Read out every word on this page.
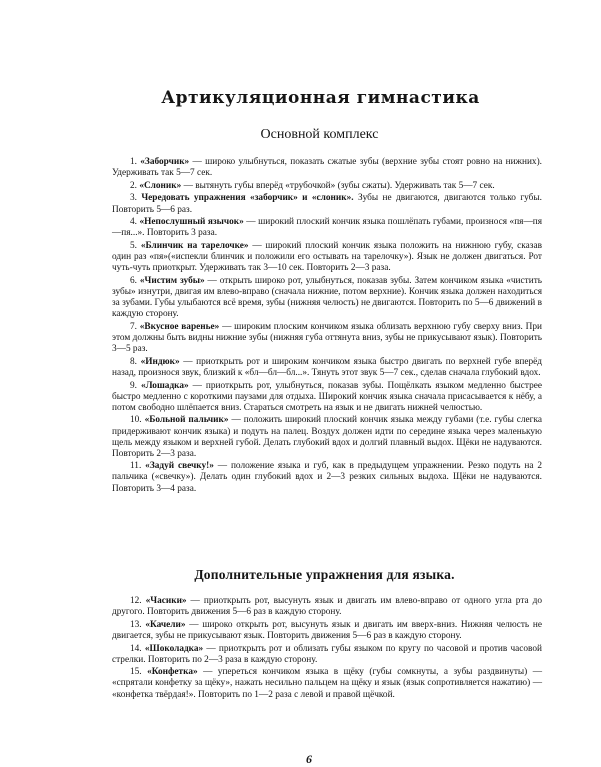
Артикуляционная гимнастика
Основной комплекс

1. «Заборчик» — широко улыбнуться, показать сжатые зубы (верхние зубы стоят ровно на нижних). Удерживать так 5—7 сек.

2. «Слоник» — вытянуть губы вперёд «трубочкой» (зубы сжаты). Удерживать так 5—7 сек.

3. Чередовать упражнения «заборчик» и «слоник». Зубы не двигаются, двигаются только губы. Повторить 5—6 раз.

4. «Непослушный язычок» — широкий плоский кончик языка пошлёпать губами, произнося «пя—пя—пя...». Повторить 3 раза.

5. «Блинчик на тарелочке» — широкий плоский кончик языка положить на нижнюю губу, сказав один раз «пя»(«испекли блинчик и положили его остывать на тарелочку»). Язык не должен двигаться. Рот чуть-чуть приоткрыт. Удерживать так 3—10 сек. Повторить 2—3 раза.

6. «Чистим зубы» — открыть широко рот, улыбнуться, показав зубы. Затем кончиком языка «чистить зубы» изнутри, двигая им влево-вправо (сначала нижние, потом верхние). Кончик языка должен находиться за зубами. Губы улыбаются всё время, зубы (нижняя челюсть) не двигаются. Повторить по 5—6 движений в каждую сторону.

7. «Вкусное варенье» — широким плоским кончиком языка облизать верхнюю губу сверху вниз. При этом должны быть видны нижние зубы (нижняя губа оттянута вниз, зубы не прикусывают язык). Повторить 3—5 раз.

8. «Индюк» — приоткрыть рот и широким кончиком языка быстро двигать по верхней губе вперёд назад, произнося звук, близкий к «бл—бл—бл...». Тянуть этот звук 5—7 сек., сделав сначала глубокий вдох.

9. «Лошадка» — приоткрыть рот, улыбнуться, показав зубы. Пощёлкать языком медленно быстрее быстро медленно с короткими паузами для отдыха. Широкий кончик языка сначала присасывается к нёбу, а потом свободно шлёпается вниз. Стараться смотреть на язык и не двигать нижней челюстью.

10. «Больной пальчик» — положить широкий плоский кончик языка между губами (т.е. губы слегка придерживают кончик языка) и подуть на палец. Воздух должен идти по середине языка через маленькую щель между языком и верхней губой. Делать глубокий вдох и долгий плавный выдох. Щёки не надуваются. Повторить 2—3 раза.

11. «Задуй свечку!» — положение языка и губ, как в предыдущем упражнении. Резко подуть на 2 пальчика («свечку»). Делать один глубокий вдох и 2—3 резких сильных выдоха. Щёки не надуваются. Повторить 3—4 раза.

Дополнительные упражнения для языка.

12. «Часики» — приоткрыть рот, высунуть язык и двигать им влево-вправо от одного угла рта до другого. Повторить движения 5—6 раз в каждую сторону.

13. «Качели» — широко открыть рот, высунуть язык и двигать им вверх-вниз. Нижняя челюсть не двигается, зубы не прикусывают язык. Повторить движения 5—6 раз в каждую сторону.

14. «Шоколадка» — приоткрыть рот и облизать губы языком по кругу по часовой и против часовой стрелки. Повторить по 2—3 раза в каждую сторону.

15. «Конфетка» — упереться кончиком языка в щёку (губы сомкнуты, а зубы раздвинуты) — «спрятали конфетку за щёку», нажать несильно пальцем на щёку и язык (язык сопротивляется нажатию) — «конфетка твёрдая!». Повторить по 1—2 раза с левой и правой щёчкой.

6
